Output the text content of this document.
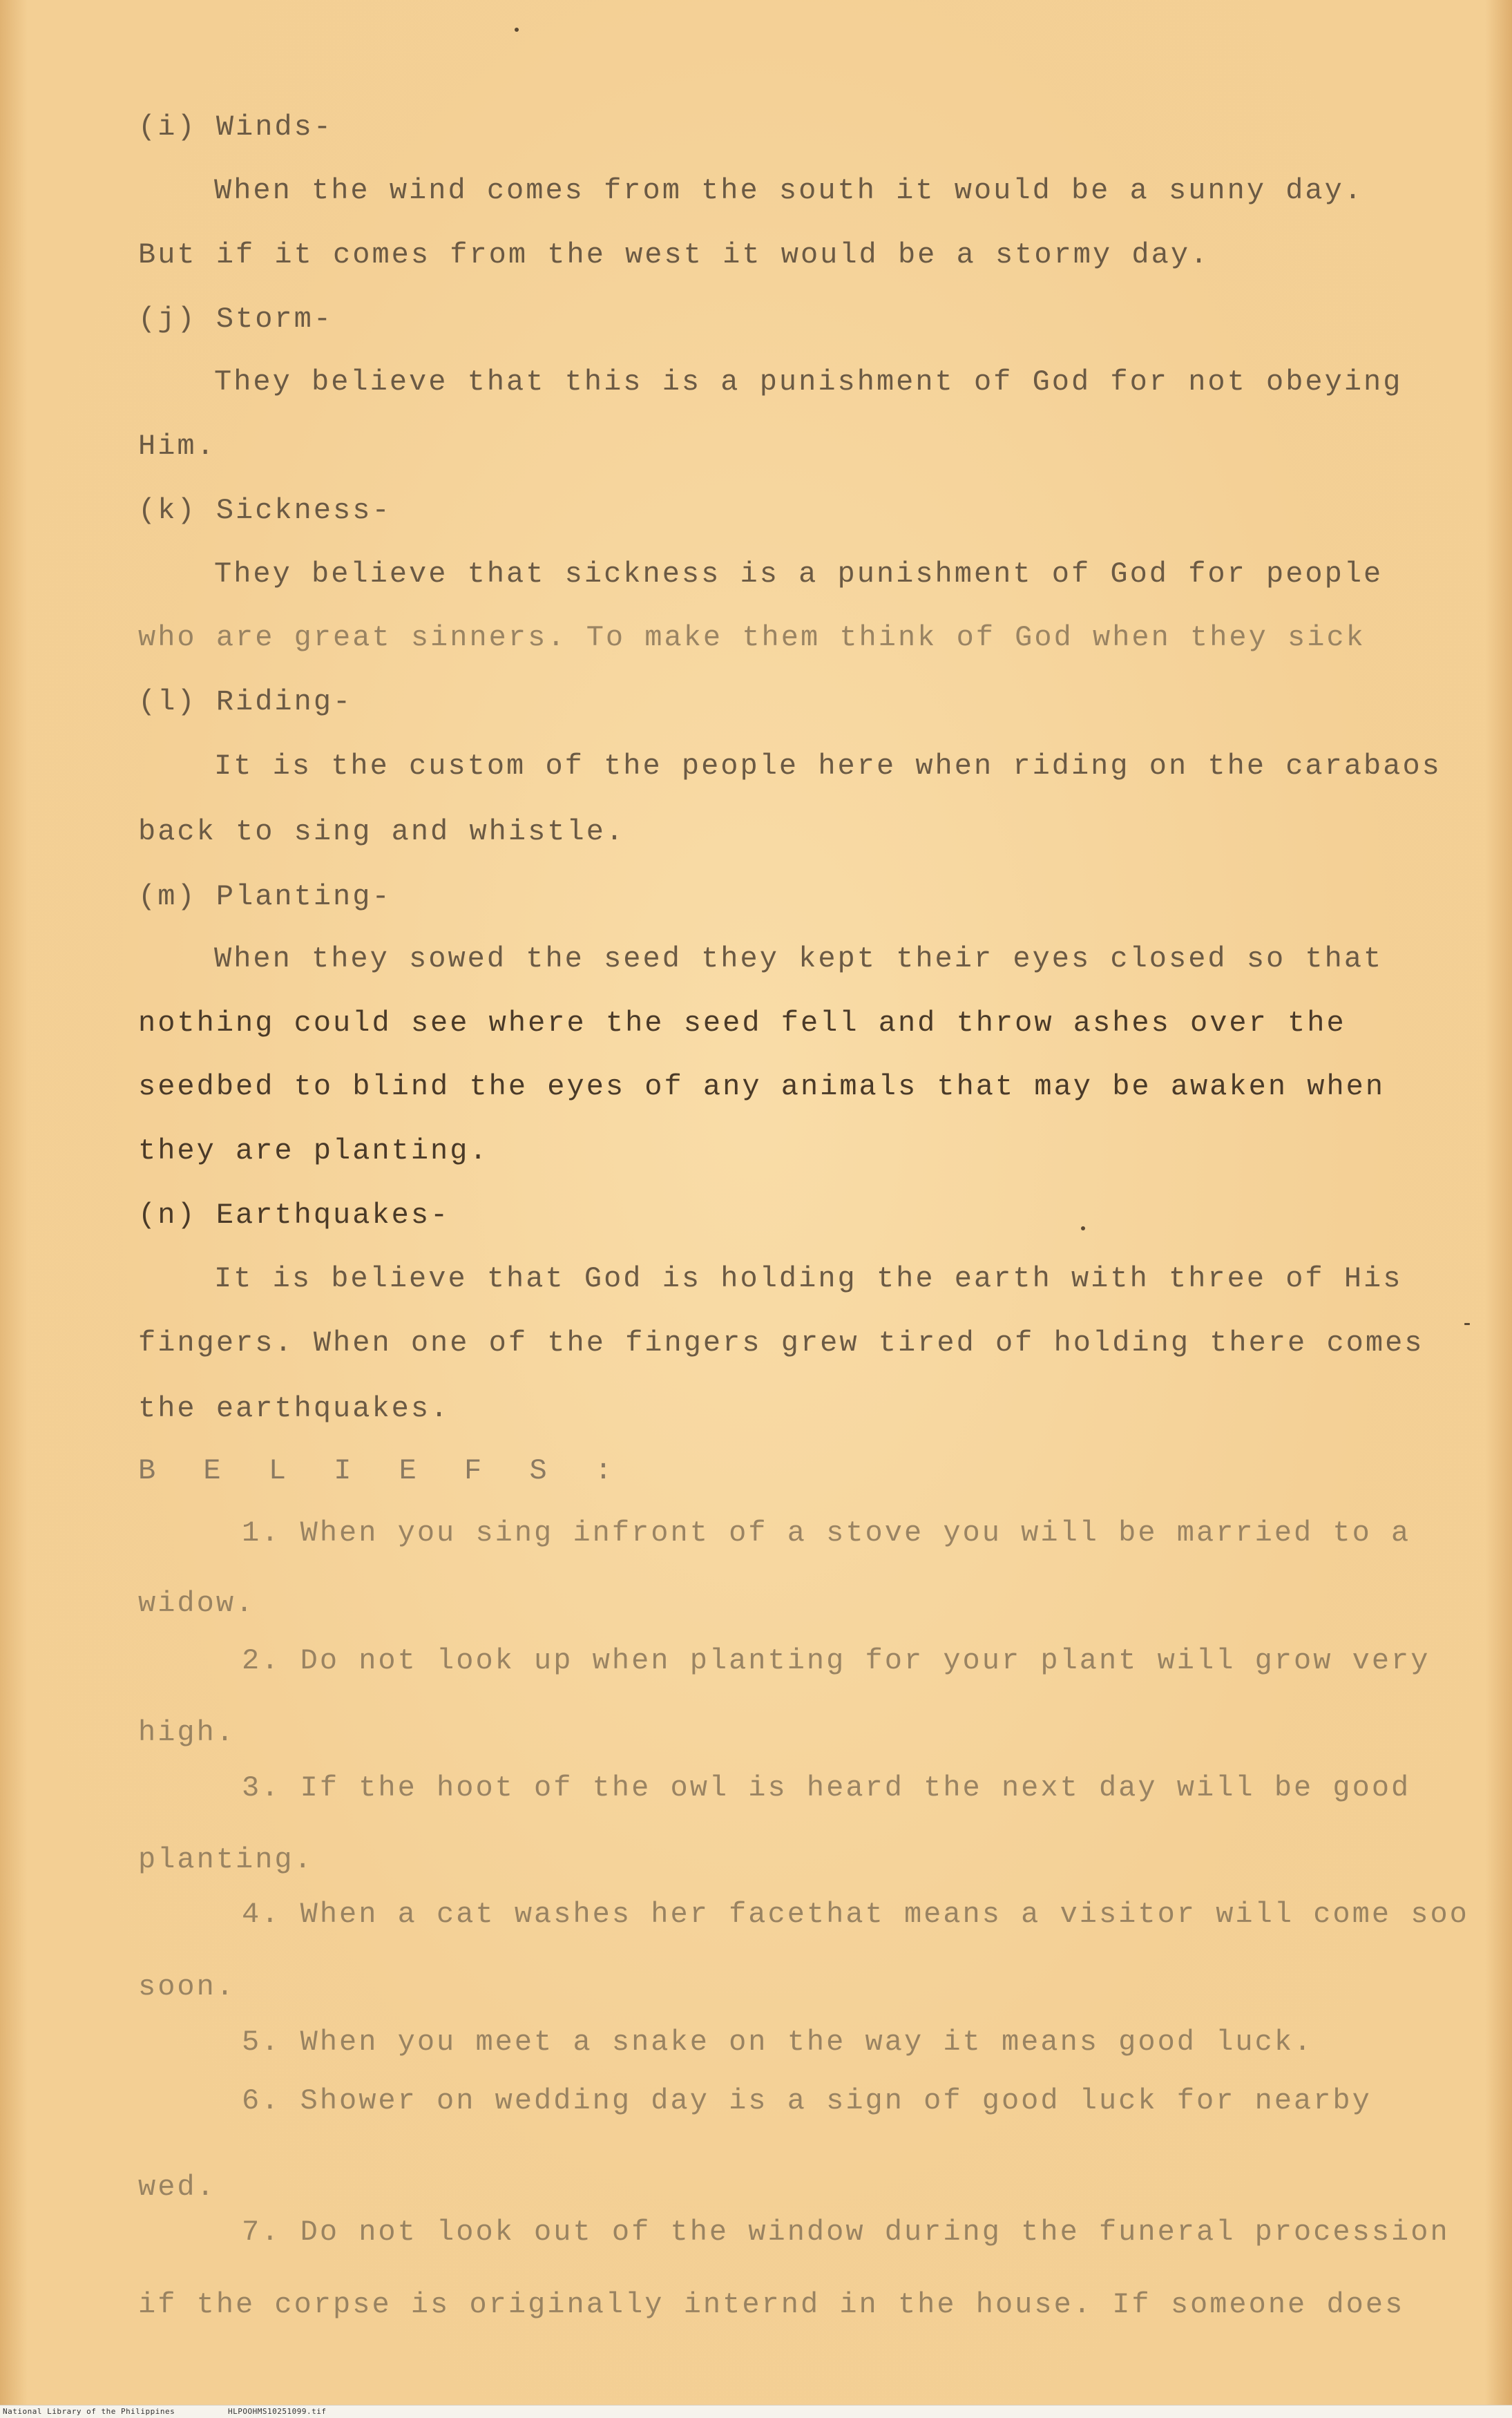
(i) Winds-
When the wind comes from the south it would be a sunny day.
But if it comes from the west it would be a stormy day.
(j) Storm-
They believe that this is a punishment of God for not obeying
Him.
(k) Sickness-
They believe that sickness is a punishment of God for people
who are great sinners. To make them think of God when they sick
(l) Riding-
It is the custom of the people here when riding on the carabaos
back to sing and whistle.
(m) Planting-
When they sowed the seed they kept their eyes closed so that
nothing could see where the seed fell and throw ashes over the
seedbed to blind the eyes of any animals that may be awaken when
they are planting.
(n) Earthquakes-
It is believe that God is holding the earth with three of His
fingers. When one of the fingers grew tired of holding there comes
the earthquakes.
B E L I E F S :
1. When you sing infront of a stove you will be married to a
widow.
2. Do not look up when planting for your plant will grow very
high.
3. If the hoot of the owl is heard the next day will be good
planting.
4. When a cat washes her facethat means a visitor will come soo
soon.
5. When you meet a snake on the way it means good luck.
6. Shower on wedding day is a sign of good luck for nearby
wed.
7. Do not look out of the window during the funeral procession
if the corpse is originally internd in the house. If someone does
National Library of the Philippines	HLPOOHMS10251099.tif
